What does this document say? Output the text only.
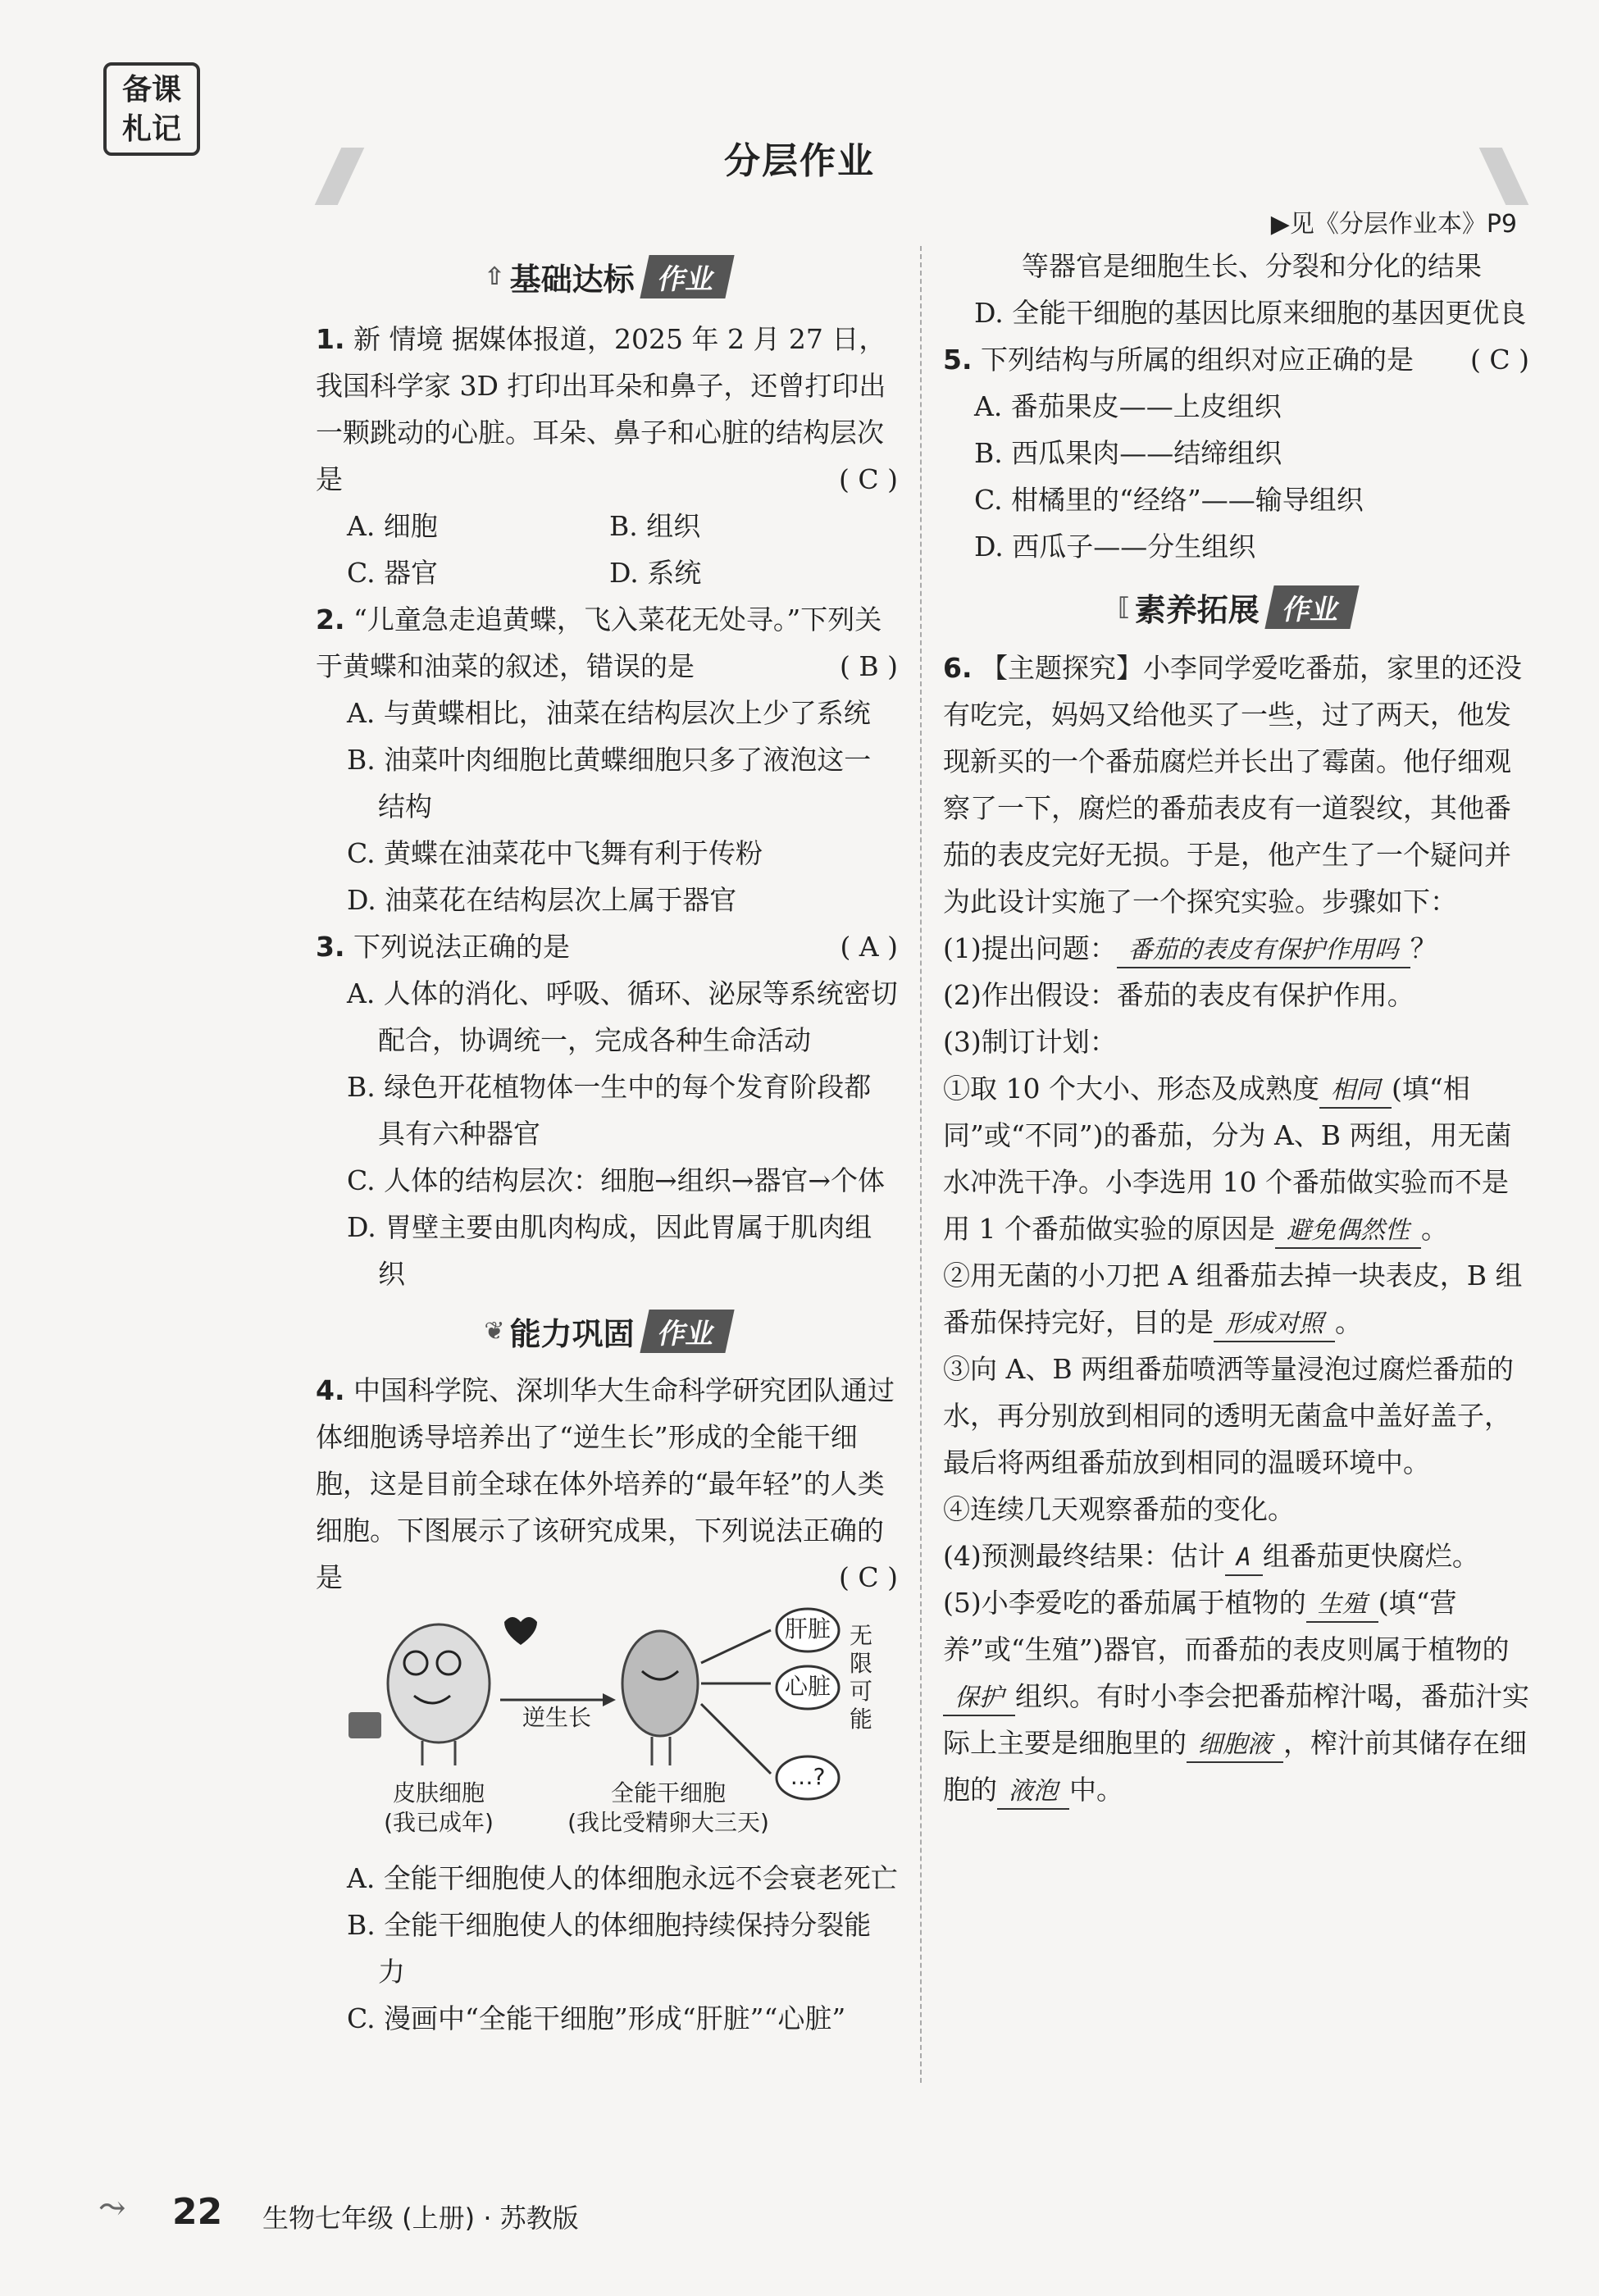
备课
札记
分层作业
▶见《分层作业本》P9
⇧ 基础达标 作业
1. 新 情境 据媒体报道，2025 年 2 月 27 日，我国科学家 3D 打印出耳朵和鼻子，还曾打印出一颗跳动的心脏。耳朵、鼻子和心脏的结构层次是	( C )
A. 细胞	B. 组织
C. 器官	D. 系统
2. “儿童急走追黄蝶，飞入菜花无处寻。”下列关于黄蝶和油菜的叙述，错误的是	( B )
A. 与黄蝶相比，油菜在结构层次上少了系统
B. 油菜叶肉细胞比黄蝶细胞只多了液泡这一结构
C. 黄蝶在油菜花中飞舞有利于传粉
D. 油菜花在结构层次上属于器官
3. 下列说法正确的是	( A )
A. 人体的消化、呼吸、循环、泌尿等系统密切配合，协调统一，完成各种生命活动
B. 绿色开花植物体一生中的每个发育阶段都具有六种器官
C. 人体的结构层次：细胞→组织→器官→个体
D. 胃壁主要由肌肉构成，因此胃属于肌肉组织
❦ 能力巩固 作业
4. 中国科学院、深圳华大生命科学研究团队通过体细胞诱导培养出了“逆生长”形成的全能干细胞，这是目前全球在体外培养的“最年轻”的人类细胞。下图展示了该研究成果，下列说法正确的是	( C )
逆生长
肝脏
心脏
…?
无限可能
皮肤细胞
(我已成年)
全能干细胞
(我比受精卵大三天)
A. 全能干细胞使人的体细胞永远不会衰老死亡
B. 全能干细胞使人的体细胞持续保持分裂能力
C. 漫画中“全能干细胞”形成“肝脏”“心脏”
等器官是细胞生长、分裂和分化的结果
D. 全能干细胞的基因比原来细胞的基因更优良
5. 下列结构与所属的组织对应正确的是 ( C )
A. 番茄果皮——上皮组织
B. 西瓜果肉——结缔组织
C. 柑橘里的“经络”——输导组织
D. 西瓜子——分生组织
⟦ 素养拓展 作业
6. 【主题探究】小李同学爱吃番茄，家里的还没有吃完，妈妈又给他买了一些，过了两天，他发现新买的一个番茄腐烂并长出了霉菌。他仔细观察了一下，腐烂的番茄表皮有一道裂纹，其他番茄的表皮完好无损。于是，他产生了一个疑问并为此设计实施了一个探究实验。步骤如下：
(1)提出问题： 番茄的表皮有保护作用吗 ？
(2)作出假设：番茄的表皮有保护作用。
(3)制订计划：
①取 10 个大小、形态及成熟度 相同 (填“相同”或“不同”)的番茄，分为 A、B 两组，用无菌水冲洗干净。小李选用 10 个番茄做实验而不是用 1 个番茄做实验的原因是 避免偶然性 。
②用无菌的小刀把 A 组番茄去掉一块表皮，B 组番茄保持完好，目的是 形成对照 。
③向 A、B 两组番茄喷洒等量浸泡过腐烂番茄的水，再分别放到相同的透明无菌盒中盖好盖子，最后将两组番茄放到相同的温暖环境中。
④连续几天观察番茄的变化。
(4)预测最终结果：估计 A 组番茄更快腐烂。
(5)小李爱吃的番茄属于植物的 生殖 (填“营养”或“生殖”)器官，而番茄的表皮则属于植物的保护 组织。有时小李会把番茄榨汁喝，番茄汁实际上主要是细胞里的 细胞液 ，榨汁前其储存在细胞的 液泡 中。
⤳ 22 生物七年级 (上册) · 苏教版
